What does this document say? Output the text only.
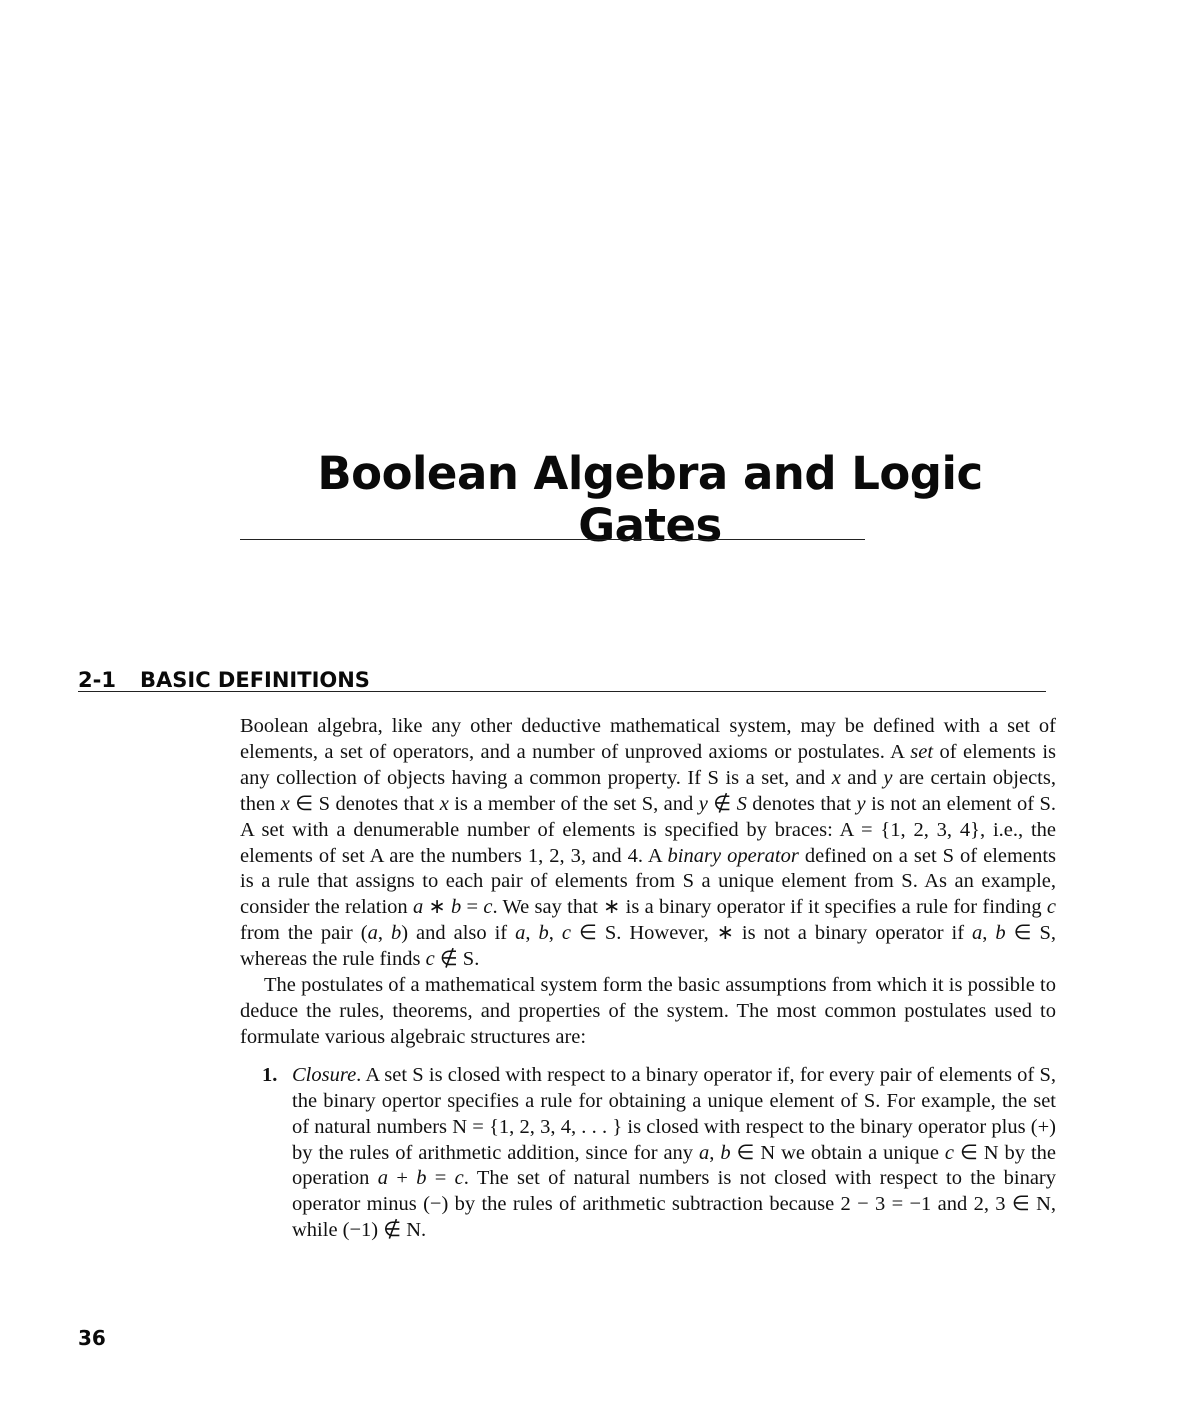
Boolean Algebra and Logic Gates
2-1 BASIC DEFINITIONS

Boolean algebra, like any other deductive mathematical system, may be defined with a set of elements, a set of operators, and a number of unproved axioms or postulates. A set of elements is any collection of objects having a common property. If S is a set, and x and y are certain objects, then x ∈ S denotes that x is a member of the set S, and y ∉ S denotes that y is not an element of S. A set with a denumerable number of elements is specified by braces: A = {1, 2, 3, 4}, i.e., the elements of set A are the numbers 1, 2, 3, and 4. A binary operator defined on a set S of elements is a rule that assigns to each pair of elements from S a unique element from S. As an example, consider the relation a ∗ b = c. We say that ∗ is a binary operator if it specifies a rule for finding c from the pair (a, b) and also if a, b, c ∈ S. However, ∗ is not a binary operator if a, b ∈ S, whereas the rule finds c ∉ S.

The postulates of a mathematical system form the basic assumptions from which it is possible to deduce the rules, theorems, and properties of the system. The most common postulates used to formulate various algebraic structures are:

1. Closure. A set S is closed with respect to a binary operator if, for every pair of elements of S, the binary opertor specifies a rule for obtaining a unique element of S. For example, the set of natural numbers N = {1, 2, 3, 4, . . . } is closed with respect to the binary operator plus (+) by the rules of arithmetic addition, since for any a, b ∈ N we obtain a unique c ∈ N by the operation a + b = c. The set of natural numbers is not closed with respect to the binary operator minus (−) by the rules of arithmetic subtraction because 2 − 3 = −1 and 2, 3 ∈ N, while (−1) ∉ N.
36
